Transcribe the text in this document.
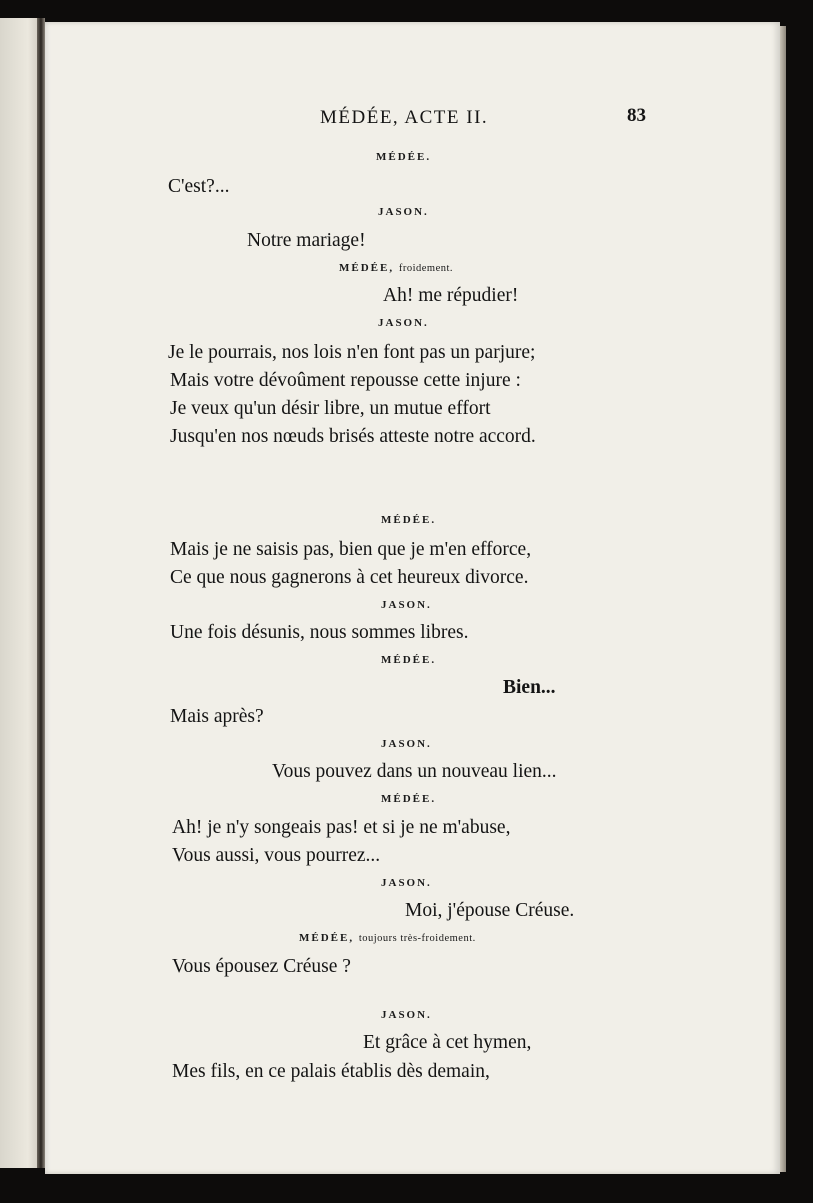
MÉDÉE, ACTE II.	83
MÉDÉE.
C'est?...
JASON.
Notre mariage!
MÉDÉE, froidement.
Ah! me répudier!
JASON.
Je le pourrais, nos lois n'en font pas un parjure;
Mais votre dévoûment repousse cette injure :
Je veux qu'un désir libre, un mutue effort
Jusqu'en nos nœuds brisés atteste notre accord.
MÉDÉE.
Mais je ne saisis pas, bien que je m'en efforce,
Ce que nous gagnerons à cet heureux divorce.
JASON.
Une fois désunis, nous sommes libres.
MÉDÉE.
Bien...
Mais après?
JASON.
Vous pouvez dans un nouveau lien...
MÉDÉE.
Ah! je n'y songeais pas! et si je ne m'abuse,
Vous aussi, vous pourrez...
JASON.
Moi, j'épouse Créuse.
MÉDÉE, toujours très-froidement.
Vous épousez Créuse ?
JASON.
Et grâce à cet hymen,
Mes fils, en ce palais établis dès demain,
